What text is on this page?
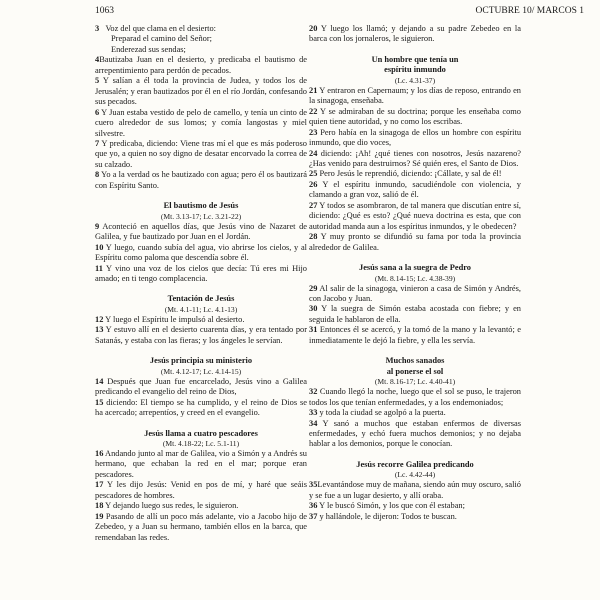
1063	OCTUBRE 10/ MARCOS 1

3 Voz del que clama en el desierto:

Preparad el camino del Señor;

Enderezad sus sendas;

4Bautizaba Juan en el desierto, y predicaba el bautismo de arrepentimiento para perdón de pecados.

5 Y salían a él toda la provincia de Judea, y todos los de Jerusalén; y eran bautizados por él en el río Jordán, confesando sus pecados.

6 Y Juan estaba vestido de pelo de camello, y tenía un cinto de cuero alrededor de sus lomos; y comía langostas y miel silvestre.

7 Y predicaba, diciendo: Viene tras mí el que es más poderoso que yo, a quien no soy digno de desatar encorvado la correa de su calzado.

8 Yo a la verdad os he bautizado con agua; pero él os bautizará con Espíritu Santo.

El bautismo de Jesús
(Mt. 3.13-17; Lc. 3.21-22)

9 Aconteció en aquellos días, que Jesús vino de Nazaret de Galilea, y fue bautizado por Juan en el Jordán.

10 Y luego, cuando subía del agua, vio abrirse los cielos, y al Espíritu como paloma que descendía sobre él.

11 Y vino una voz de los cielos que decía: Tú eres mi Hijo amado; en ti tengo complacencia.

Tentación de Jesús
(Mt. 4.1-11; Lc. 4.1-13)

12 Y luego el Espíritu le impulsó al desierto.

13 Y estuvo allí en el desierto cuarenta días, y era tentado por Satanás, y estaba con las fieras; y los ángeles le servían.

Jesús principia su ministerio
(Mt. 4.12-17; Lc. 4.14-15)

14 Después que Juan fue encarcelado, Jesús vino a Galilea predicando el evangelio del reino de Dios,

15 diciendo: El tiempo se ha cumplido, y el reino de Dios se ha acercado; arrepentíos, y creed en el evangelio.

Jesús llama a cuatro pescadores
(Mt. 4.18-22; Lc. 5.1-11)

16 Andando junto al mar de Galilea, vio a Simón y a Andrés su hermano, que echaban la red en el mar; porque eran pescadores.

17 Y les dijo Jesús: Venid en pos de mí, y haré que seáis pescadores de hombres.

18 Y dejando luego sus redes, le siguieron.

19 Pasando de allí un poco más adelante, vio a Jacobo hijo de Zebedeo, y a Juan su hermano, también ellos en la barca, que remendaban las redes.

20 Y luego los llamó; y dejando a su padre Zebedeo en la barca con los jornaleros, le siguieron.

Un hombre que tenía un
espíritu inmundo
(Lc. 4.31-37)

21 Y entraron en Capernaum; y los días de reposo, entrando en la sinagoga, enseñaba.

22 Y se admiraban de su doctrina; porque les enseñaba como quien tiene autoridad, y no como los escribas.

23 Pero había en la sinagoga de ellos un hombre con espíritu inmundo, que dio voces,

24 diciendo: ¡Ah! ¿qué tienes con nosotros, Jesús nazareno? ¿Has venido para destruirnos? Sé quién eres, el Santo de Dios.

25 Pero Jesús le reprendió, diciendo: ¡Cállate, y sal de él!

26 Y el espíritu inmundo, sacudiéndole con violencia, y clamando a gran voz, salió de él.

27 Y todos se asombraron, de tal manera que discutían entre sí, diciendo: ¿Qué es esto? ¿Qué nueva doctrina es esta, que con autoridad manda aun a los espíritus inmundos, y le obedecen?

28 Y muy pronto se difundió su fama por toda la provincia alrededor de Galilea.

Jesús sana a la suegra de Pedro
(Mt. 8.14-15; Lc. 4.38-39)

29 Al salir de la sinagoga, vinieron a casa de Simón y Andrés, con Jacobo y Juan.

30 Y la suegra de Simón estaba acostada con fiebre; y en seguida le hablaron de ella.

31 Entonces él se acercó, y la tomó de la mano y la levantó; e inmediatamente le dejó la fiebre, y ella les servía.

Muchos sanados
al ponerse el sol
(Mt. 8.16-17; Lc. 4.40-41)

32 Cuando llegó la noche, luego que el sol se puso, le trajeron todos los que tenían enfermedades, y a los endemoniados;

33 y toda la ciudad se agolpó a la puerta.

34 Y sanó a muchos que estaban enfermos de diversas enfermedades, y echó fuera muchos demonios; y no dejaba hablar a los demonios, porque le conocían.

Jesús recorre Galilea predicando
(Lc. 4.42-44)

35Levantándose muy de mañana, siendo aún muy oscuro, salió y se fue a un lugar desierto, y allí oraba.

36 Y le buscó Simón, y los que con él estaban;

37 y hallándole, le dijeron: Todos te buscan.
